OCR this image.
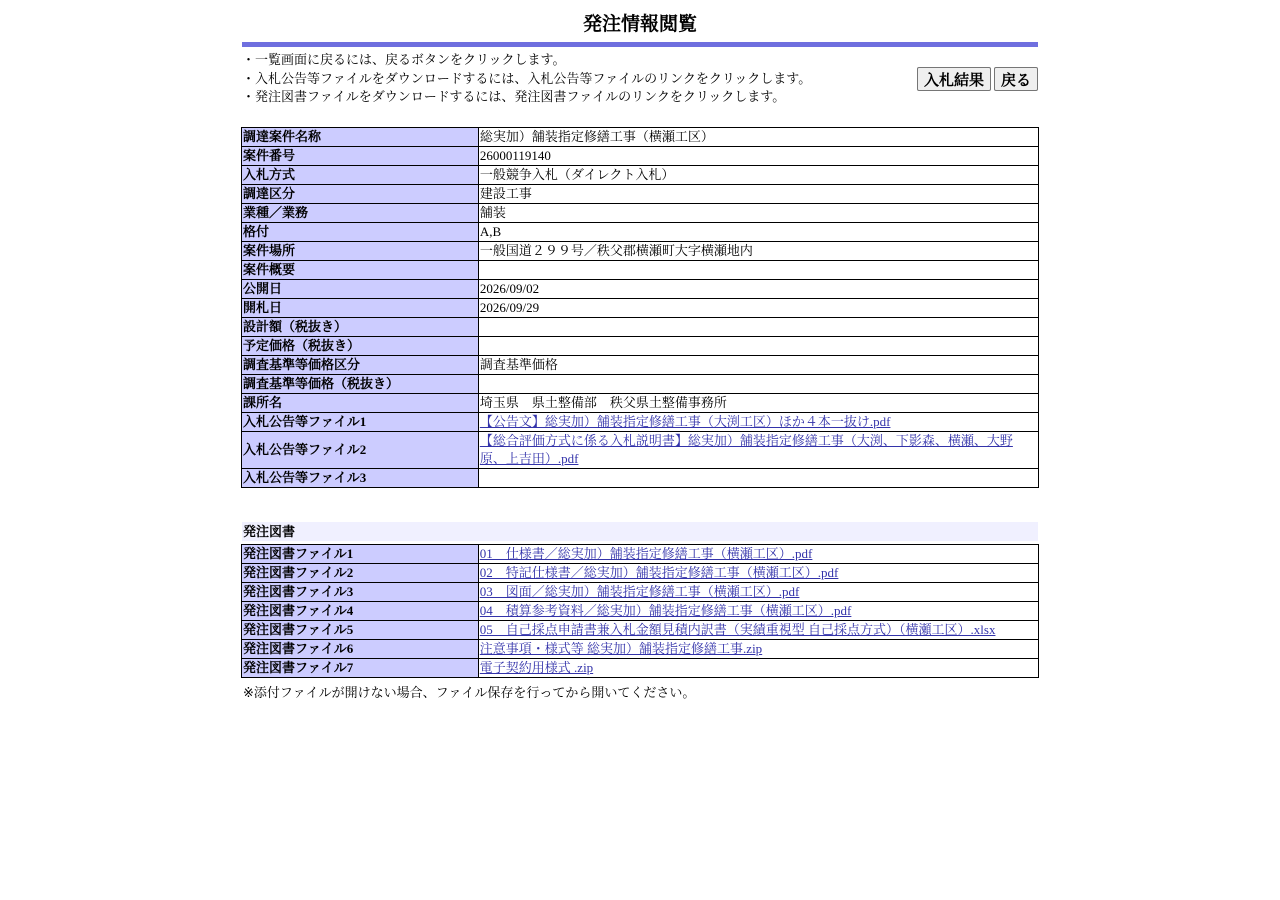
発注情報閲覧
・一覧画面に戻るには、戻るボタンをクリックします。
・入札公告等ファイルをダウンロードするには、入札公告等ファイルのリンクをクリックします。
・発注図書ファイルをダウンロードするには、発注図書ファイルのリンクをクリックします。
入札結果	戻る
調達案件名称	総実加）舗装指定修繕工事（横瀬工区）
案件番号	26000119140
入札方式	一般競争入札（ダイレクト入札）
調達区分	建設工事
業種／業務	舗装
格付	A,B
案件場所	一般国道２９９号／秩父郡横瀬町大字横瀬地内
案件概要	
公開日	2026/09/02
開札日	2026/09/29
設計額（税抜き）	
予定価格（税抜き）	
調査基準等価格区分	調査基準価格
調査基準等価格（税抜き）	
課所名	埼玉県　県土整備部　秩父県土整備事務所
入札公告等ファイル1	【公告文】総実加）舗装指定修繕工事（大渕工区）ほか４本一抜け.pdf
入札公告等ファイル2	【総合評価方式に係る入札説明書】総実加）舗装指定修繕工事（大渕、下影森、横瀬、大野原、上吉田）.pdf
入札公告等ファイル3	
発注図書
発注図書ファイル1	01　仕様書／総実加）舗装指定修繕工事（横瀬工区）.pdf
発注図書ファイル2	02　特記仕様書／総実加）舗装指定修繕工事（横瀬工区）.pdf
発注図書ファイル3	03　図面／総実加）舗装指定修繕工事（横瀬工区）.pdf
発注図書ファイル4	04　積算参考資料／総実加）舗装指定修繕工事（横瀬工区）.pdf
発注図書ファイル5	05　自己採点申請書兼入札金額見積内訳書（実績重視型 自己採点方式）（横瀬工区）.xlsx
発注図書ファイル6	注意事項・様式等 総実加）舗装指定修繕工事.zip
発注図書ファイル7	電子契約用様式 .zip
※添付ファイルが開けない場合、ファイル保存を行ってから開いてください。
